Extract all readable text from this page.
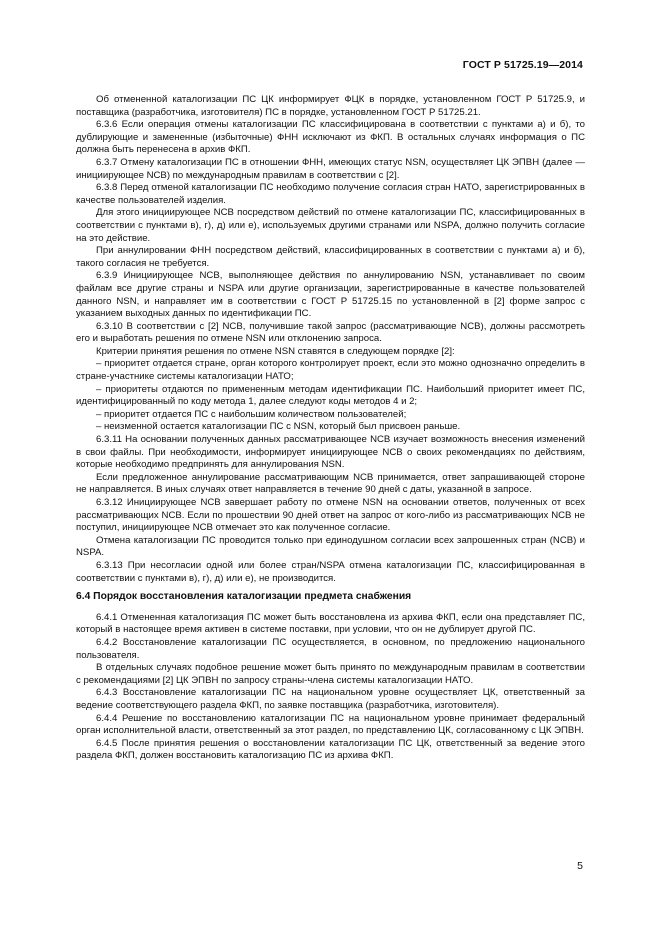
ГОСТ Р 51725.19—2014

Об отмененной каталогизации ПС ЦК информирует ФЦК в порядке, установленном ГОСТ Р 51725.9, и поставщика (разработчика, изготовителя) ПС в порядке, установленном ГОСТ Р 51725.21.

6.3.6 Если операция отмены каталогизации ПС классифицирована в соответствии с пунктами а) и б), то дублирующие и замененные (избыточные) ФНН исключают из ФКП. В остальных случаях информация о ПС должна быть перенесена в архив ФКП.

6.3.7 Отмену каталогизации ПС в отношении ФНН, имеющих статус NSN, осуществляет ЦК ЭПВН (далее — инициирующее NCB) по международным правилам в соответствии с [2].

6.3.8 Перед отменой каталогизации ПС необходимо получение согласия стран НАТО, зарегистрированных в качестве пользователей изделия.

Для этого инициирующее NCB посредством действий по отмене каталогизации ПС, классифицированных в соответствии с пунктами в), г), д) или е), используемых другими странами или NSPA, должно получить согласие на это действие.

При аннулировании ФНН посредством действий, классифицированных в соответствии с пунктами а) и б), такого согласия не требуется.

6.3.9 Инициирующее NCB, выполняющее действия по аннулированию NSN, устанавливает по своим файлам все другие страны и NSPA или другие организации, зарегистрированные в качестве пользователей данного NSN, и направляет им в соответствии с ГОСТ Р 51725.15 по установленной в [2] форме запрос с указанием выходных данных по идентификации ПС.

6.3.10 В соответствии с [2] NCB, получившие такой запрос (рассматривающие NCB), должны рассмотреть его и выработать решения по отмене NSN или отклонению запроса.

Критерии принятия решения по отмене NSN ставятся в следующем порядке [2]:

– приоритет отдается стране, орган которого контролирует проект, если это можно однозначно определить в стране-участнике системы каталогизации НАТО;

– приоритеты отдаются по примененным методам идентификации ПС. Наибольший приоритет имеет ПС, идентифицированный по коду метода 1, далее следуют коды методов 4 и 2;

– приоритет отдается ПС с наибольшим количеством пользователей;

– неизменной остается каталогизации ПС с NSN, который был присвоен раньше.

6.3.11 На основании полученных данных рассматривающее NCB изучает возможность внесения изменений в свои файлы. При необходимости, информирует инициирующее NCB о своих рекомендациях по действиям, которые необходимо предпринять для аннулирования NSN.

Если предложенное аннулирование рассматривающим NCB принимается, ответ запрашивающей стороне не направляется. В иных случаях ответ направляется в течение 90 дней с даты, указанной в запросе.

6.3.12 Инициирующее NCB завершает работу по отмене NSN на основании ответов, полученных от всех рассматривающих NCB. Если по прошествии 90 дней ответ на запрос от кого-либо из рассматривающих NCB не поступил, инициирующее NCB отмечает это как полученное согласие.

Отмена каталогизации ПС проводится только при единодушном согласии всех запрошенных стран (NCB) и NSPA.

6.3.13 При несогласии одной или более стран/NSPA отмена каталогизации ПС, классифицированная в соответствии с пунктами в), г), д) или е), не производится.

6.4 Порядок восстановления каталогизации предмета снабжения

6.4.1 Отмененная каталогизация ПС может быть восстановлена из архива ФКП, если она представляет ПС, который в настоящее время активен в системе поставки, при условии, что он не дублирует другой ПС.

6.4.2 Восстановление каталогизации ПС осуществляется, в основном, по предложению национального пользователя.

В отдельных случаях подобное решение может быть принято по международным правилам в соответствии с рекомендациями [2] ЦК ЭПВН по запросу страны-члена системы каталогизации НАТО.

6.4.3 Восстановление каталогизации ПС на национальном уровне осуществляет ЦК, ответственный за ведение соответствующего раздела ФКП, по заявке поставщика (разработчика, изготовителя).

6.4.4 Решение по восстановлению каталогизации ПС на национальном уровне принимает федеральный орган исполнительной власти, ответственный за этот раздел, по представлению ЦК, согласованному с ЦК ЭПВН.

6.4.5 После принятия решения о восстановлении каталогизации ПС ЦК, ответственный за ведение этого раздела ФКП, должен восстановить каталогизацию ПС из архива ФКП.

5
